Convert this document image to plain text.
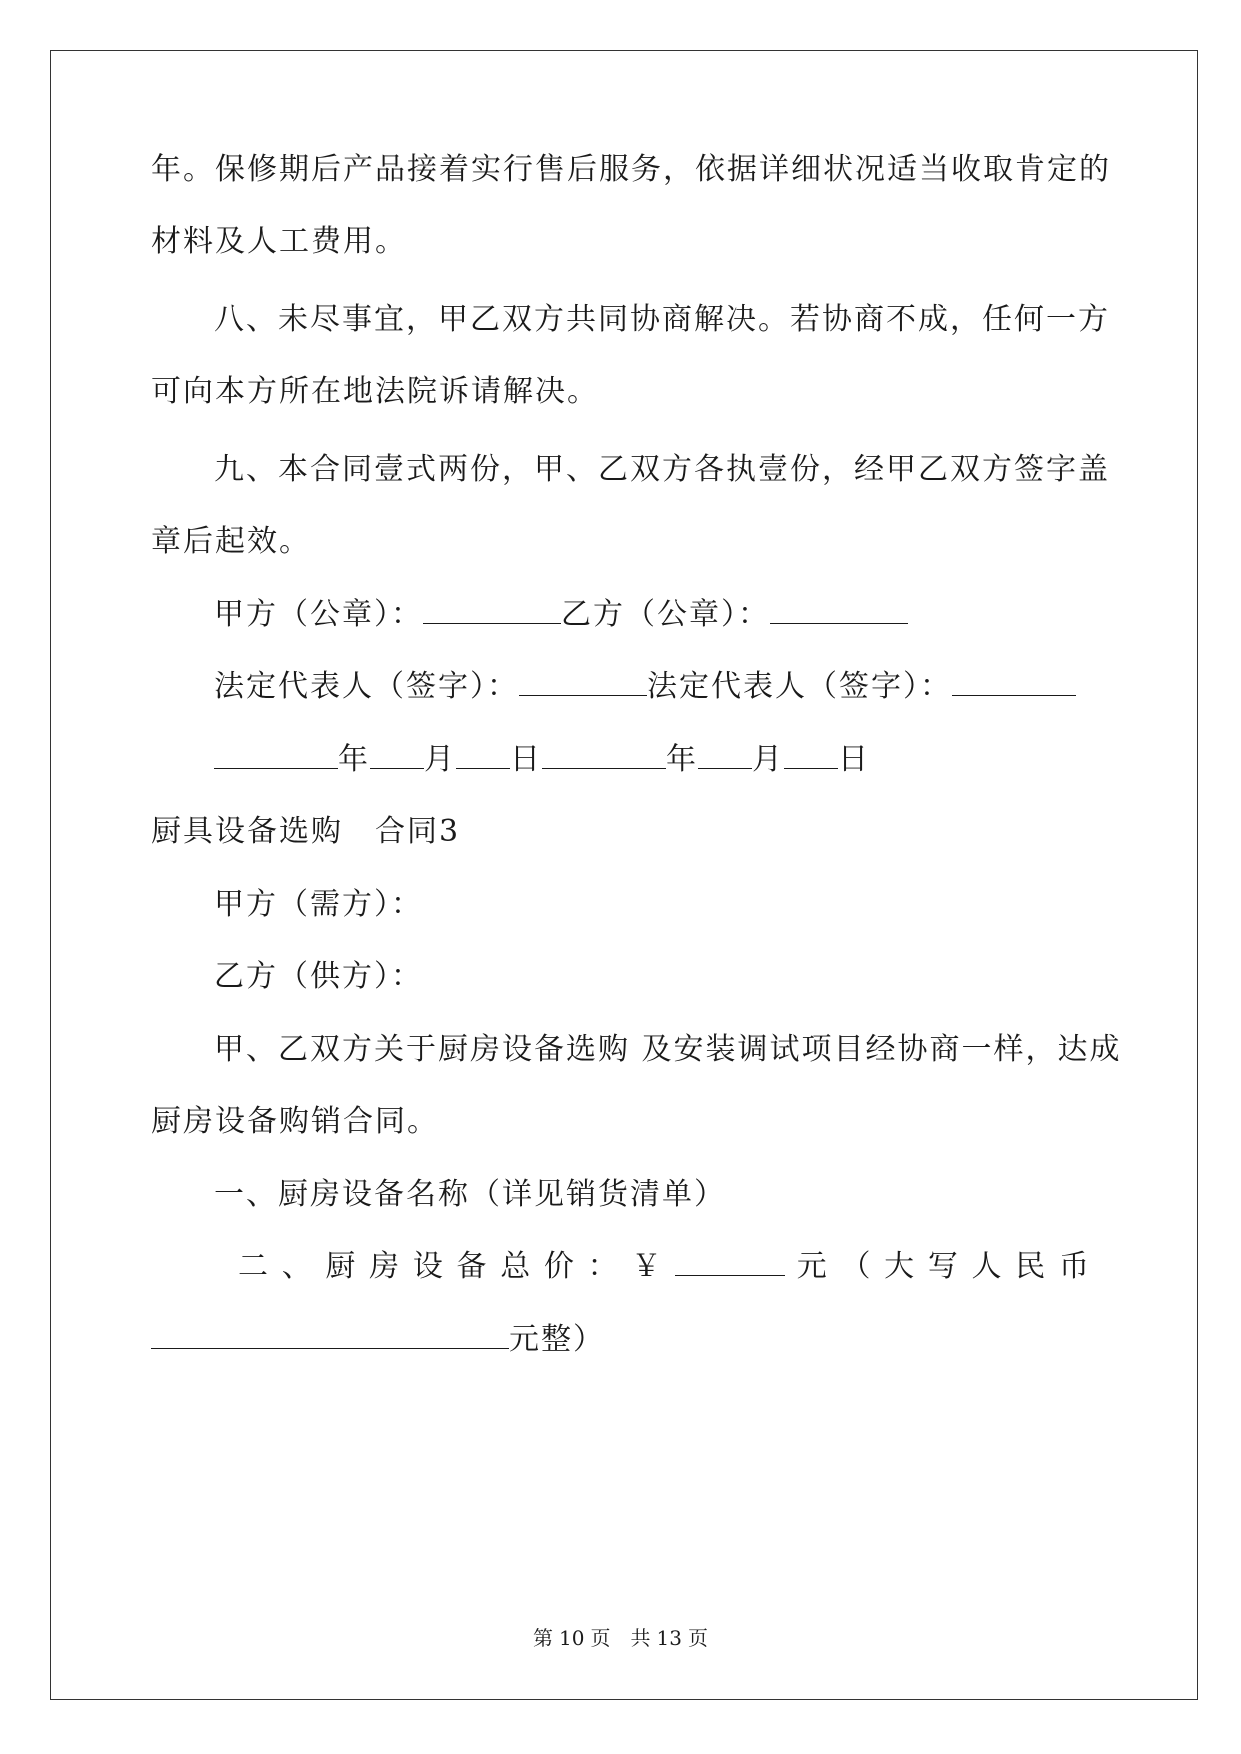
年。保修期后产品接着实行售后服务，依据详细状况适当收取肯定的
材料及人工费用。
八、未尽事宜，甲乙双方共同协商解决。若协商不成，任何一方
可向本方所在地法院诉请解决。
九、本合同壹式两份，甲、乙双方各执壹份，经甲乙双方签字盖
章后起效。
甲方（公章）：	乙方（公章）：
法定代表人（签字）：	法定代表人（签字）：
年 月 日	年 月 日
厨具设备选购　合同3
甲方（需方）：
乙方（供方）：
甲、乙双方关于厨房设备选购 及安装调试项目经协商一样，达成
厨房设备购销合同。
一、厨房设备名称（详见销货清单）
二 、 厨 房 设 备 总 价 ： ￥	元 （ 大 写 人 民 币
元整）
第 10 页　共 13 页
